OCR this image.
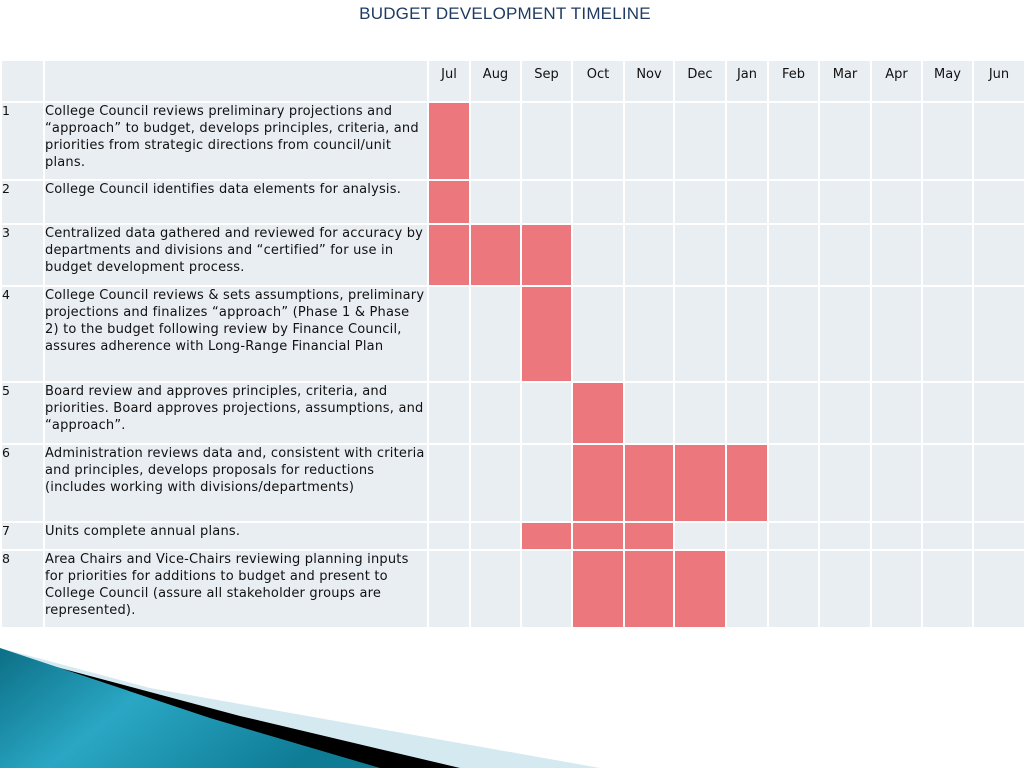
BUDGET DEVELOPMENT TIMELINE
		Jul	Aug	Sep	Oct	Nov	Dec	Jan	Feb	Mar	Apr	May	Jun
1	College Council reviews preliminary projections and “approach” to budget, develops principles, criteria, and priorities from strategic directions from council/unit plans.												
2	College Council identifies data elements for analysis.												
3	Centralized data gathered and reviewed for accuracy by departments and divisions and “certified” for use in budget development process.												
4	College Council reviews & sets assumptions, preliminary projections and finalizes “approach” (Phase 1 & Phase 2) to the budget following review by Finance Council, assures adherence with Long-Range Financial Plan												
5	Board review and approves principles, criteria, and priorities. Board approves projections, assumptions, and “approach”.												
6	Administration reviews data and, consistent with criteria and principles, develops proposals for reductions (includes working with divisions/departments)												
7	Units complete annual plans.												
8	Area Chairs and Vice-Chairs reviewing planning inputs for priorities for additions to budget and present to College Council (assure all stakeholder groups are represented).												
